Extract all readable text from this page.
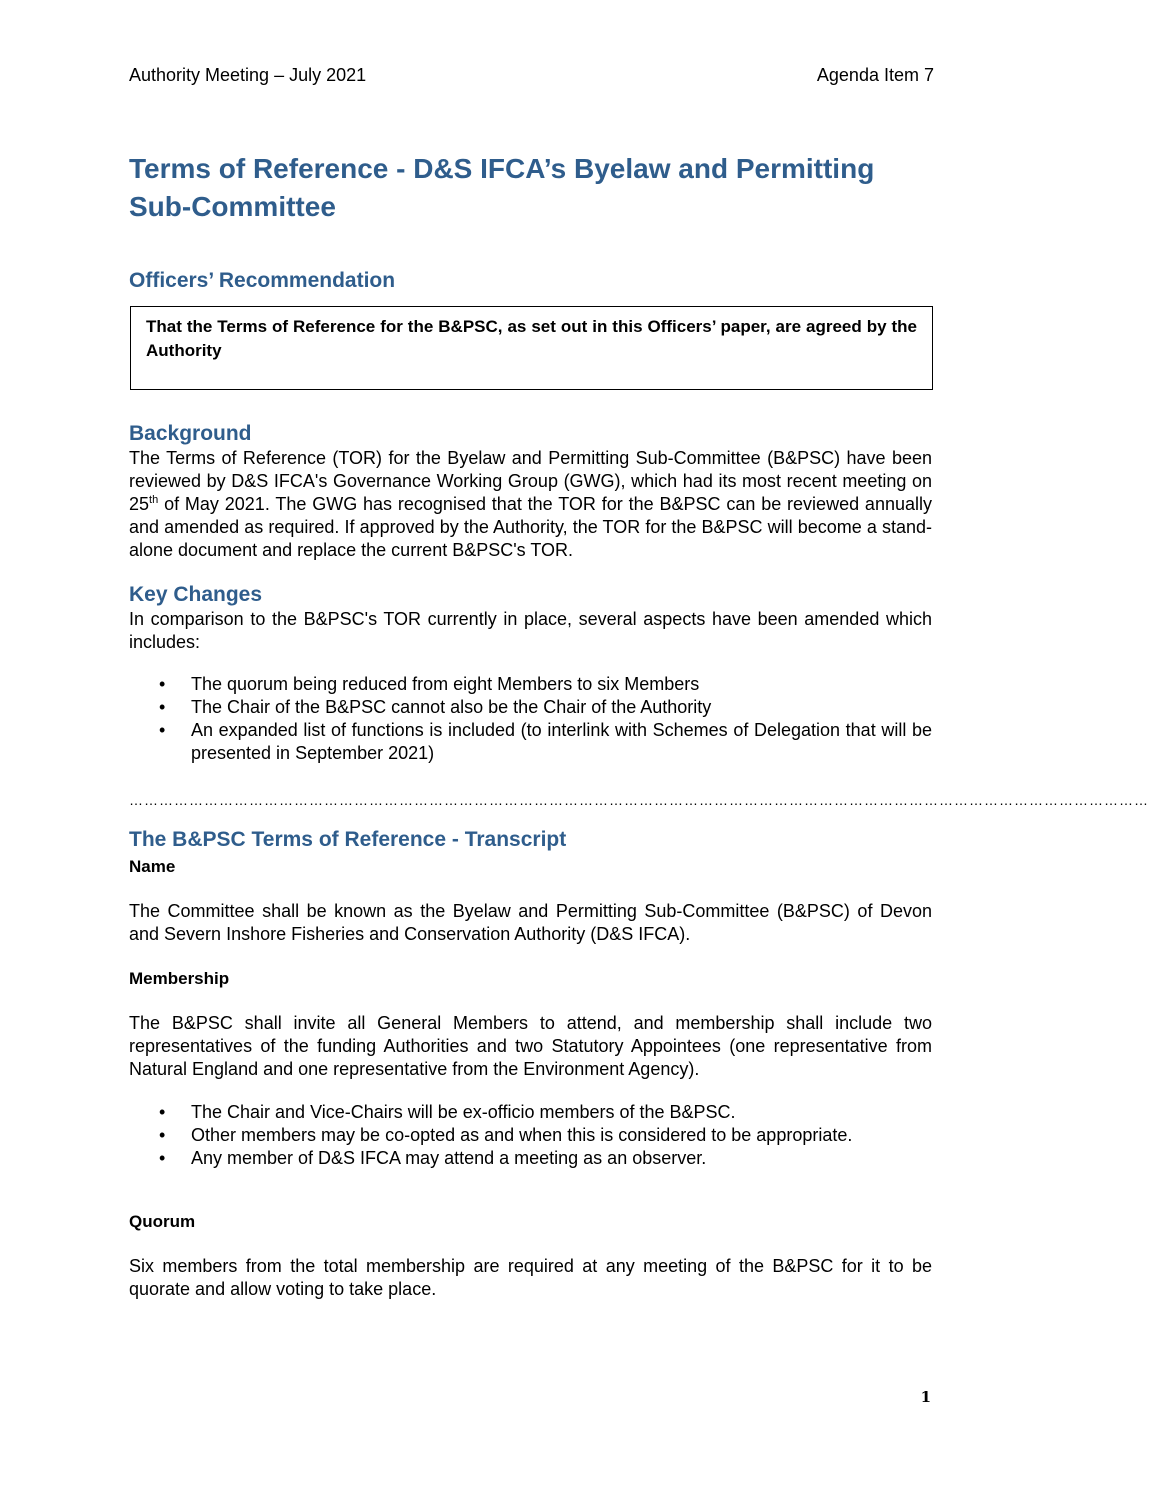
Authority Meeting – July 2021	Agenda Item 7
Terms of Reference - D&S IFCA’s Byelaw and Permitting Sub-Committee
Officers’ Recommendation

That the Terms of Reference for the B&PSC, as set out in this Officers’ paper, are agreed by the Authority

Background

The Terms of Reference (TOR) for the Byelaw and Permitting Sub-Committee (B&PSC) have been reviewed by D&S IFCA's Governance Working Group (GWG), which had its most recent meeting on 25th of May 2021. The GWG has recognised that the TOR for the B&PSC can be reviewed annually and amended as required. If approved by the Authority, the TOR for the B&PSC will become a stand-alone document and replace the current B&PSC's TOR.

Key Changes

In comparison to the B&PSC's TOR currently in place, several aspects have been amended which includes:

• The quorum being reduced from eight Members to six Members
• The Chair of the B&PSC cannot also be the Chair of the Authority
• An expanded list of functions is included (to interlink with Schemes of Delegation that will be presented in September 2021)
……………………………………………………………………………………………………………………………………………………………………………………
The B&PSC Terms of Reference - Transcript
Name

The Committee shall be known as the Byelaw and Permitting Sub-Committee (B&PSC) of Devon and Severn Inshore Fisheries and Conservation Authority (D&S IFCA).

Membership

The B&PSC shall invite all General Members to attend, and membership shall include two representatives of the funding Authorities and two Statutory Appointees (one representative from Natural England and one representative from the Environment Agency).

• The Chair and Vice-Chairs will be ex-officio members of the B&PSC.
• Other members may be co-opted as and when this is considered to be appropriate.
• Any member of D&S IFCA may attend a meeting as an observer.
Quorum

Six members from the total membership are required at any meeting of the B&PSC for it to be quorate and allow voting to take place.

1
